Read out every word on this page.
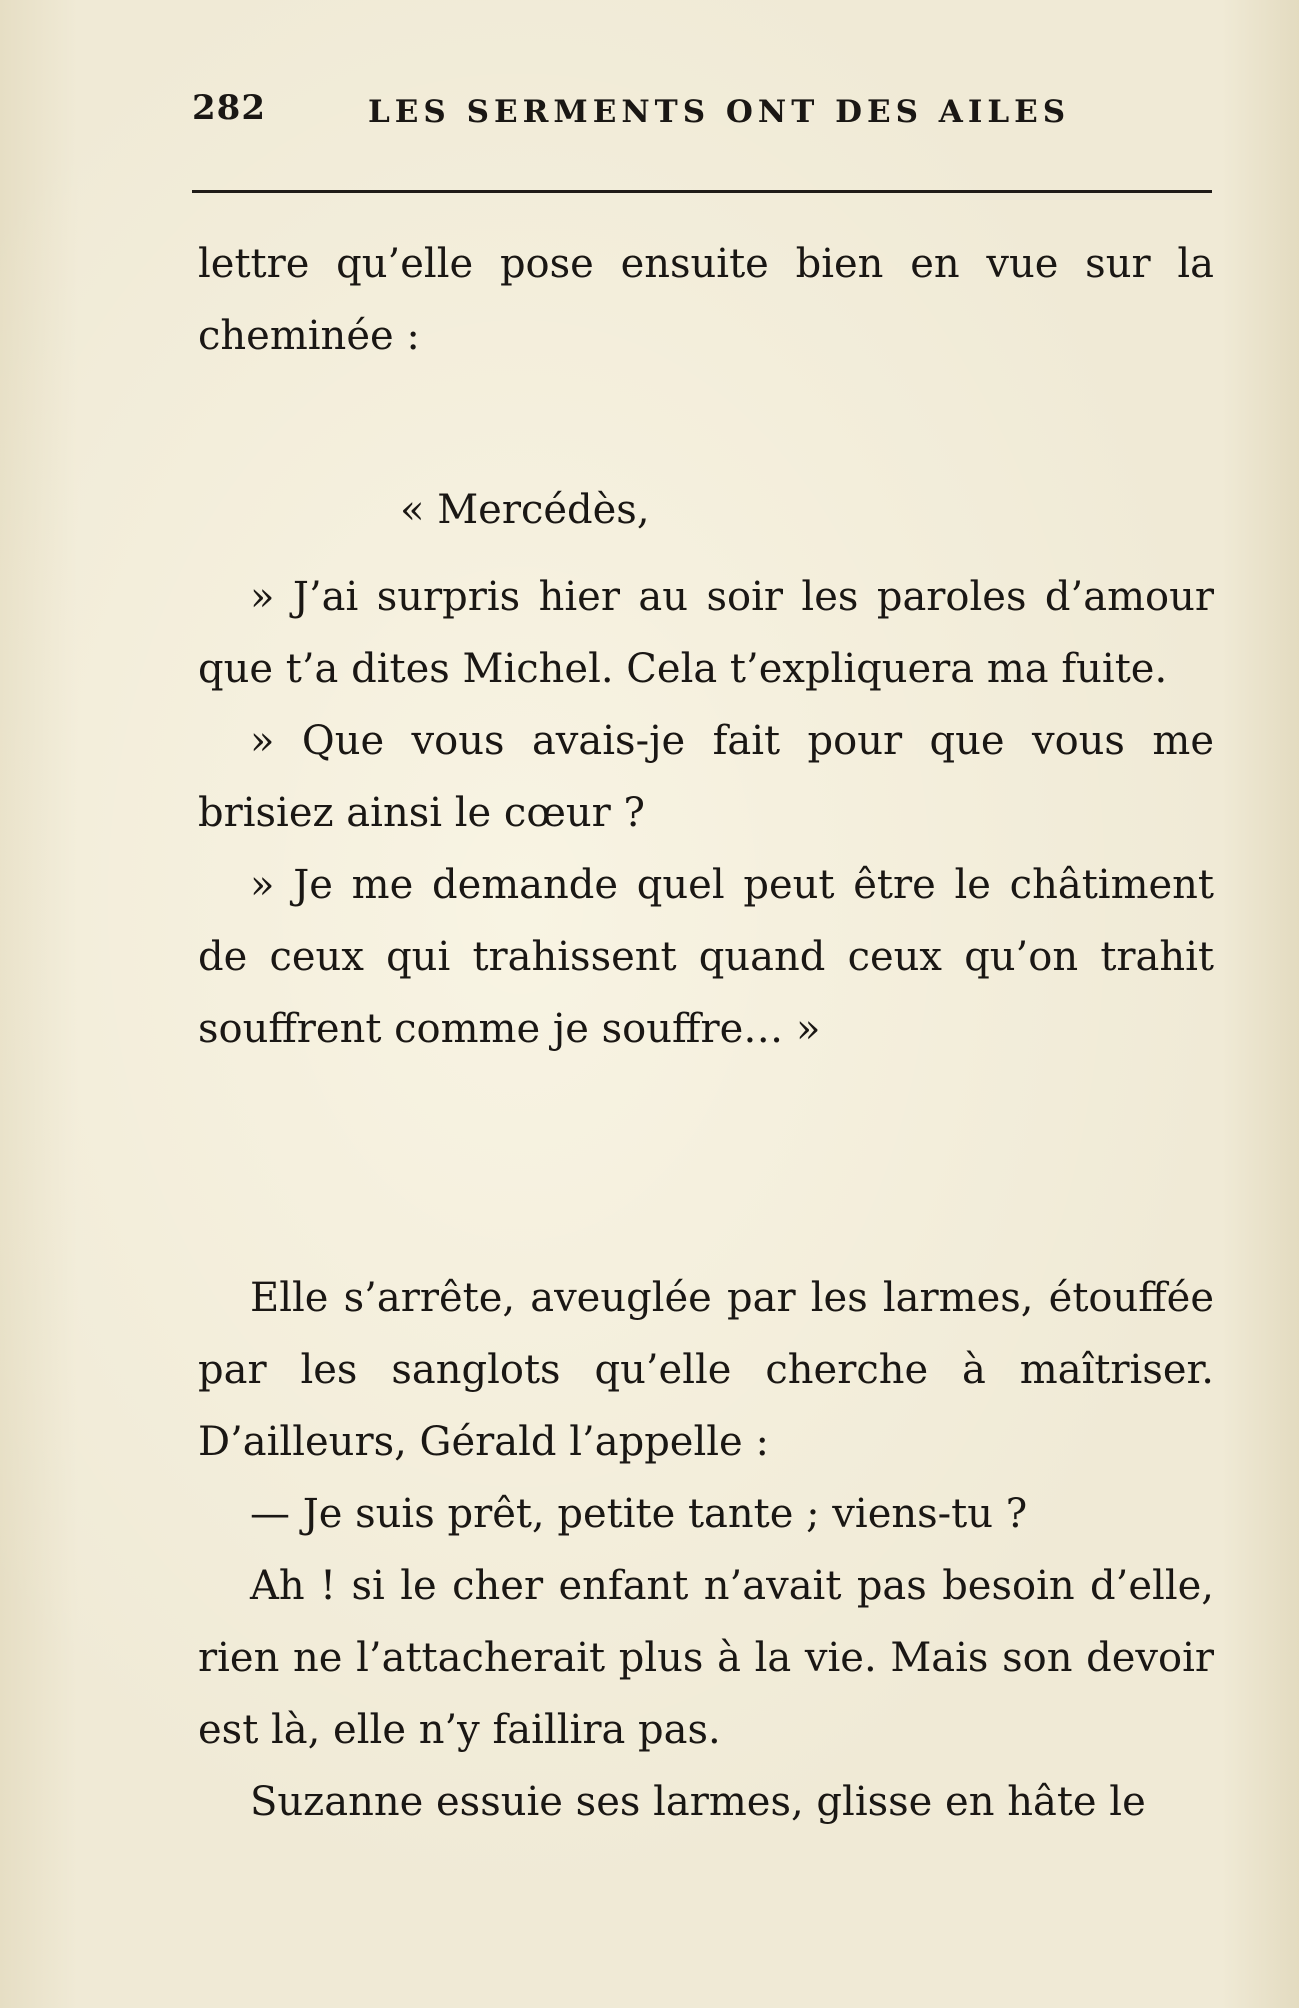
282	LES SERMENTS ONT DES AILES

lettre qu’elle pose ensuite bien en vue sur la cheminée :

« Mercédès,

» J’ai surpris hier au soir les paroles d’amour que t’a dites Michel. Cela t’expliquera ma fuite.

» Que vous avais-je fait pour que vous me brisiez ainsi le cœur ?

» Je me demande quel peut être le châtiment de ceux qui trahissent quand ceux qu’on trahit souffrent comme je souffre… »

Elle s’arrête, aveuglée par les larmes, étouffée par les sanglots qu’elle cherche à maîtriser. D’ailleurs, Gérald l’appelle :

— Je suis prêt, petite tante ; viens-tu ?

Ah ! si le cher enfant n’avait pas besoin d’elle, rien ne l’attacherait plus à la vie. Mais son devoir est là, elle n’y faillira pas.

Suzanne essuie ses larmes, glisse en hâte le
